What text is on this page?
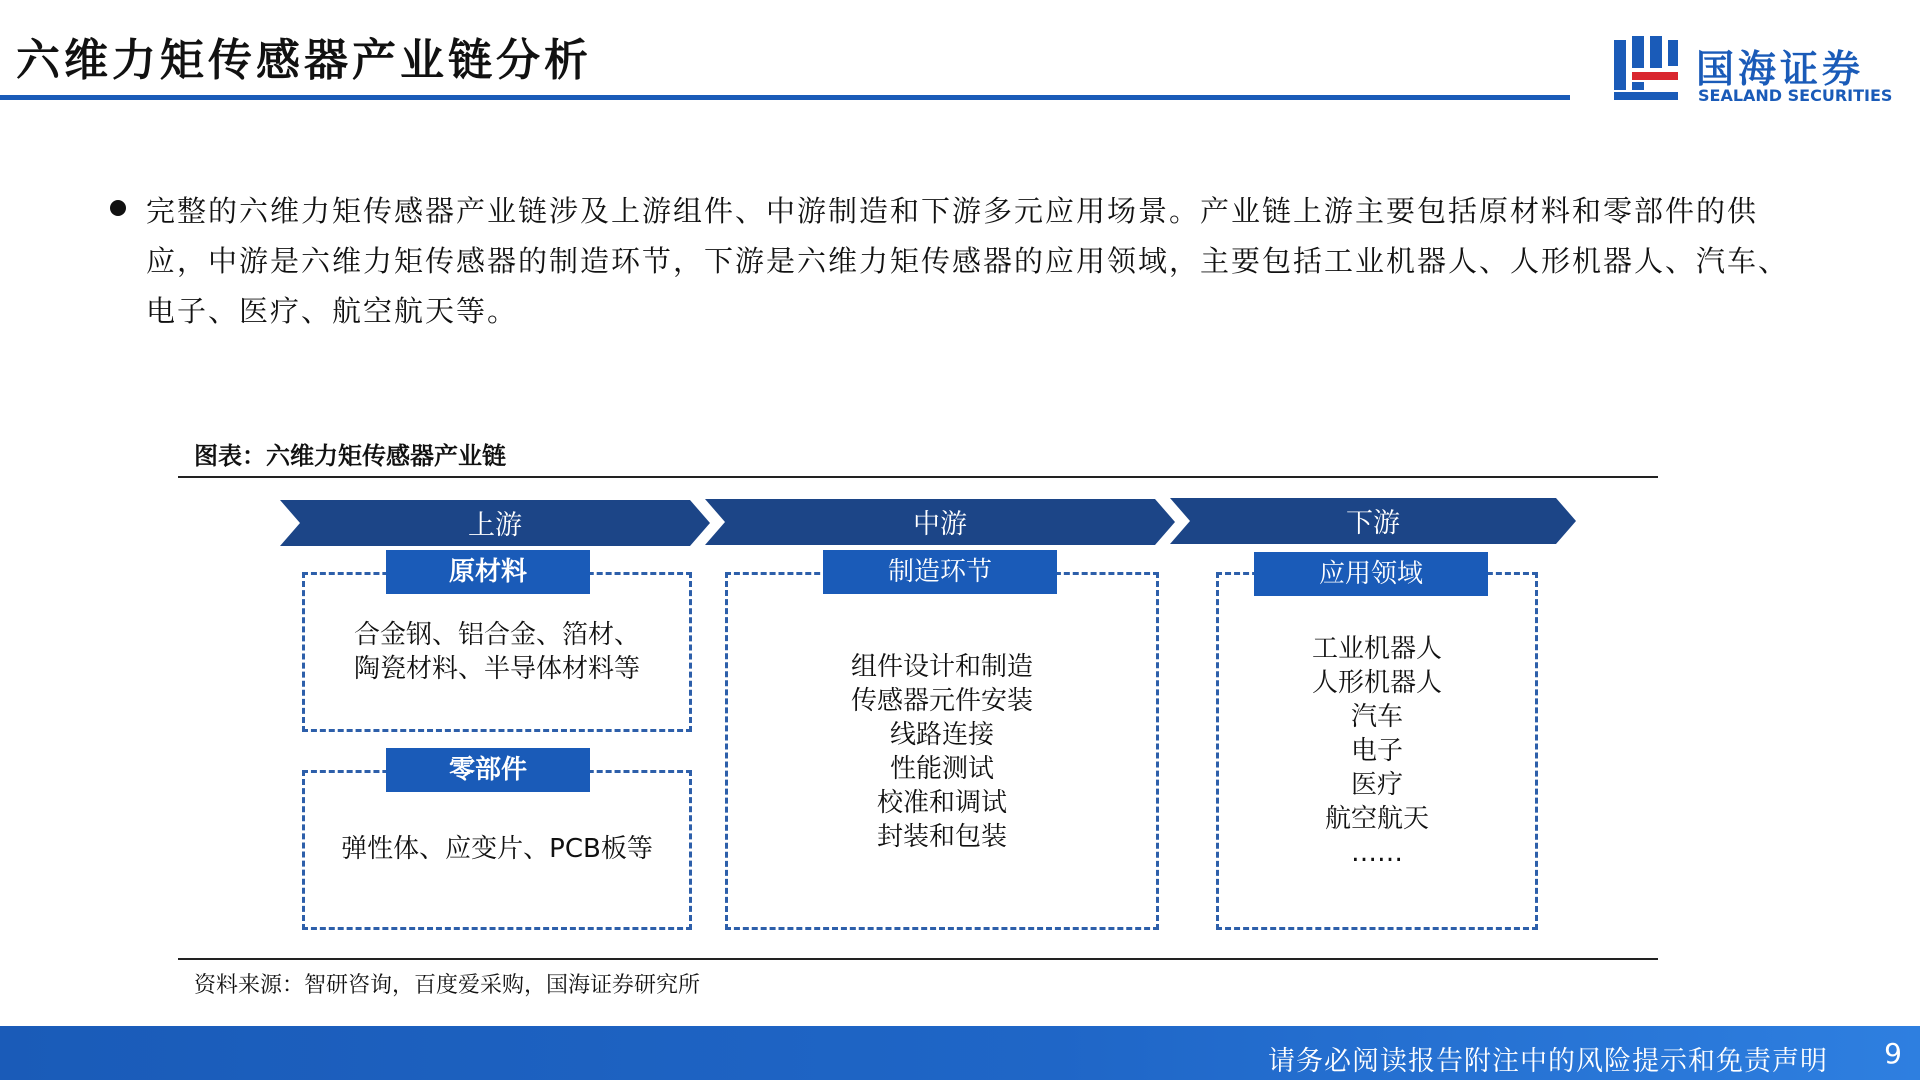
六维力矩传感器产业链分析	国海证券
SEALAND SECURITIES
完整的六维力矩传感器产业链涉及上游组件、中游制造和下游多元应用场景。产业链上游主要包括原材料和零部件的供应，中游是六维力矩传感器的制造环节，下游是六维力矩传感器的应用领域，主要包括工业机器人、人形机器人、汽车、电子、医疗、航空航天等。
图表：六维力矩传感器产业链
上游	中游	下游
原材料
合金钢、铝合金、箔材、
陶瓷材料、半导体材料等
零部件
弹性体、应变片、PCB板等
制造环节
组件设计和制造
传感器元件安装
线路连接
性能测试
校准和调试
封装和包装
应用领域
工业机器人
人形机器人
汽车
电子
医疗
航空航天
……
资料来源：智研咨询，百度爱采购，国海证券研究所
请务必阅读报告附注中的风险提示和免责声明 9
